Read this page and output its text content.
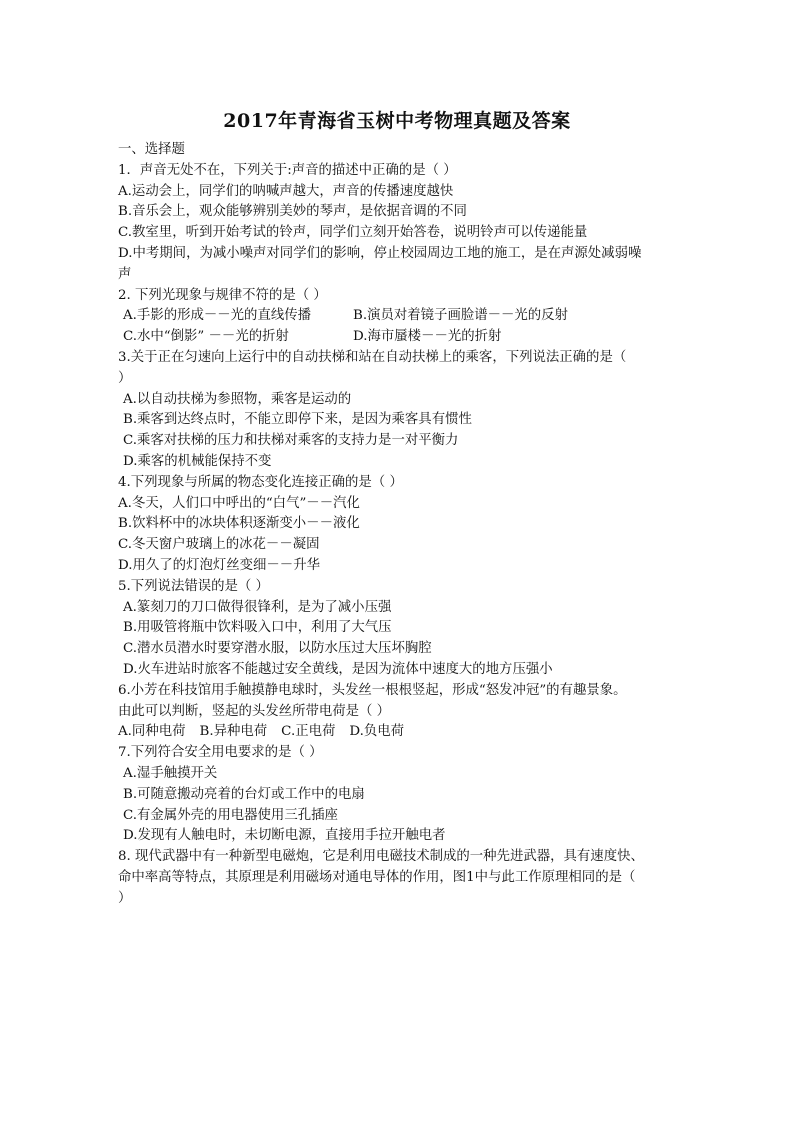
2017年青海省玉树中考物理真题及答案
一、选择题
1．声音无处不在，下列关于:声音的描述中正确的是（ ）
A.运动会上，同学们的呐喊声越大，声音的传播速度越快
B.音乐会上，观众能够辨别美妙的琴声，是依据音调的不同
C.教室里，听到开始考试的铃声，同学们立刻开始答卷，说明铃声可以传递能量
D.中考期间，为减小噪声对同学们的影响，停止校园周边工地的施工，是在声源处减弱噪
声
2. 下列光现象与规律不符的是（ ）
A.手影的形成－－光的直线传播	B.演员对着镜子画脸谱－－光的反射
C.水中“倒影” －－光的折射	D.海市蜃楼－－光的折射
3.关于正在匀速向上运行中的自动扶梯和站在自动扶梯上的乘客，下列说法正确的是（
）
A.以自动扶梯为参照物，乘客是运动的
B.乘客到达终点时，不能立即停下来，是因为乘客具有惯性
C.乘客对扶梯的压力和扶梯对乘客的支持力是一对平衡力
D.乘客的机械能保持不变
4.下列现象与所属的物态变化连接正确的是（ ）
A.冬天，人们口中呼出的“白气”－－汽化
B.饮料杯中的冰块体积逐渐变小－－液化
C.冬天窗户玻璃上的冰花－－凝固
D.用久了的灯泡灯丝变细－－升华
5.下列说法错误的是（ ）
A.篆刻刀的刀口做得很锋利，是为了减小压强
B.用吸管将瓶中饮料吸入口中，利用了大气压
C.潜水员潜水时要穿潜水服，以防水压过大压坏胸腔
D.火车进站时旅客不能越过安全黄线，是因为流体中速度大的地方压强小
6.小芳在科技馆用手触摸静电球时，头发丝一根根竖起，形成“怒发冲冠”的有趣景象。
由此可以判断，竖起的头发丝所带电荷是（ ）
A.同种电荷 B.异种电荷 C.正电荷 D.负电荷
7.下列符合安全用电要求的是（ ）
A.湿手触摸开关
B.可随意搬动亮着的台灯或工作中的电扇
C.有金属外壳的用电器使用三孔插座
D.发现有人触电时，未切断电源，直接用手拉开触电者
8. 现代武器中有一种新型电磁炮，它是利用电磁技术制成的一种先进武器，具有速度快、
命中率高等特点，其原理是利用磁场对通电导体的作用，图1中与此工作原理相同的是（
）
